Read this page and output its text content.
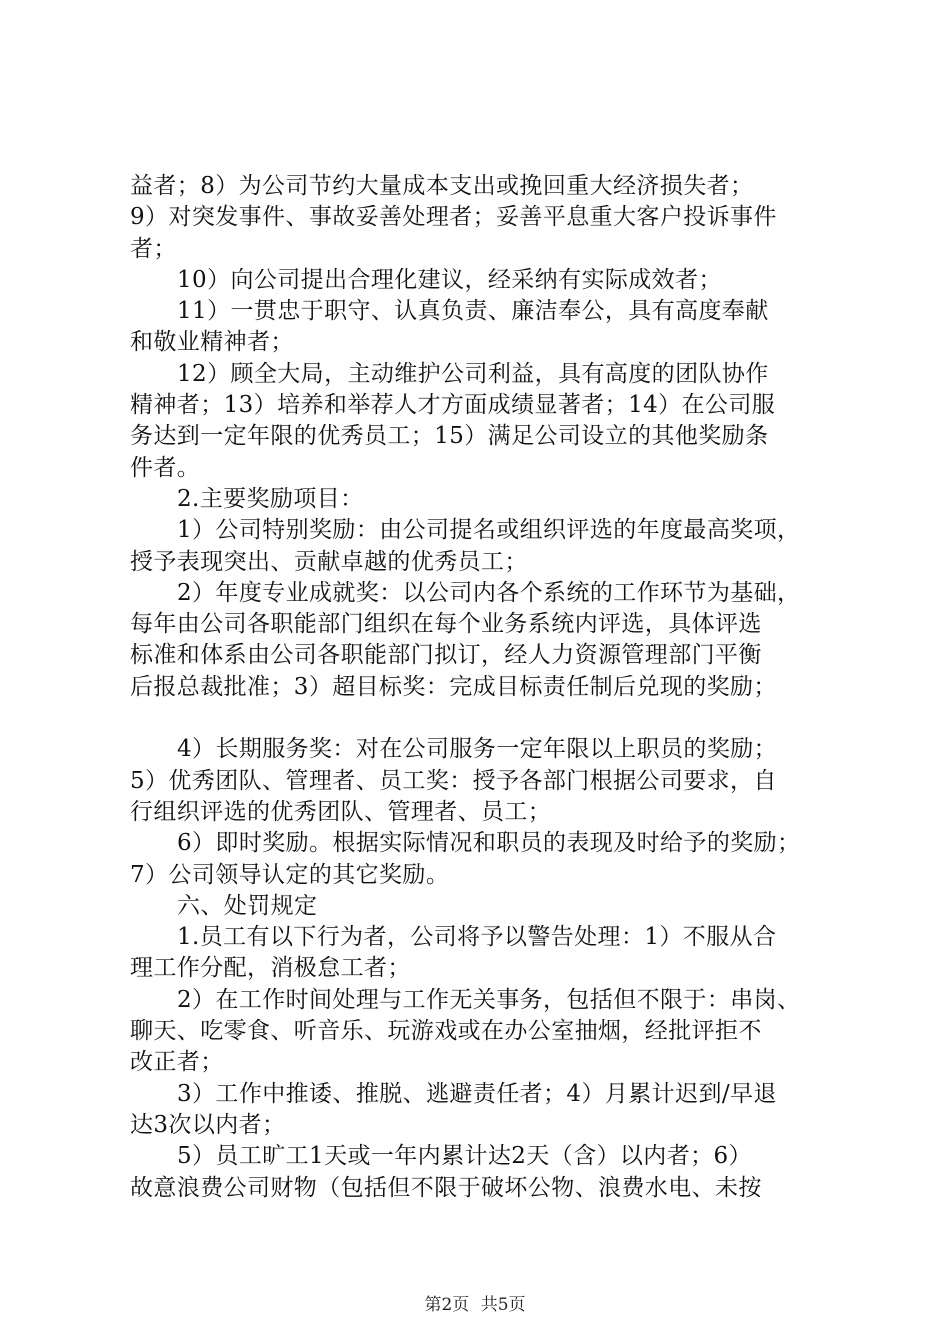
益者；8）为公司节约大量成本支出或挽回重大经济损失者；
9）对突发事件、事故妥善处理者；妥善平息重大客户投诉事件
者；
10）向公司提出合理化建议，经采纳有实际成效者；
11）一贯忠于职守、认真负责、廉洁奉公，具有高度奉献
和敬业精神者；
12）顾全大局，主动维护公司利益，具有高度的团队协作
精神者；13）培养和举荐人才方面成绩显著者；14）在公司服
务达到一定年限的优秀员工；15）满足公司设立的其他奖励条
件者。
2.主要奖励项目：
1）公司特别奖励：由公司提名或组织评选的年度最高奖项，
授予表现突出、贡献卓越的优秀员工；
2）年度专业成就奖：以公司内各个系统的工作环节为基础，
每年由公司各职能部门组织在每个业务系统内评选，具体评选
标准和体系由公司各职能部门拟订，经人力资源管理部门平衡
后报总裁批准；3）超目标奖：完成目标责任制后兑现的奖励；
4）长期服务奖：对在公司服务一定年限以上职员的奖励；
5）优秀团队、管理者、员工奖：授予各部门根据公司要求，自
行组织评选的优秀团队、管理者、员工；
6）即时奖励。根据实际情况和职员的表现及时给予的奖励；
7）公司领导认定的其它奖励。
六、处罚规定
1.员工有以下行为者，公司将予以警告处理：1）不服从合
理工作分配，消极怠工者；
2）在工作时间处理与工作无关事务，包括但不限于：串岗、
聊天、吃零食、听音乐、玩游戏或在办公室抽烟，经批评拒不
改正者；
3）工作中推诿、推脱、逃避责任者；4）月累计迟到/早退
达3次以内者；
5）员工旷工1天或一年内累计达2天（含）以内者；6）
故意浪费公司财物（包括但不限于破坏公物、浪费水电、未按
第2页 共5页
